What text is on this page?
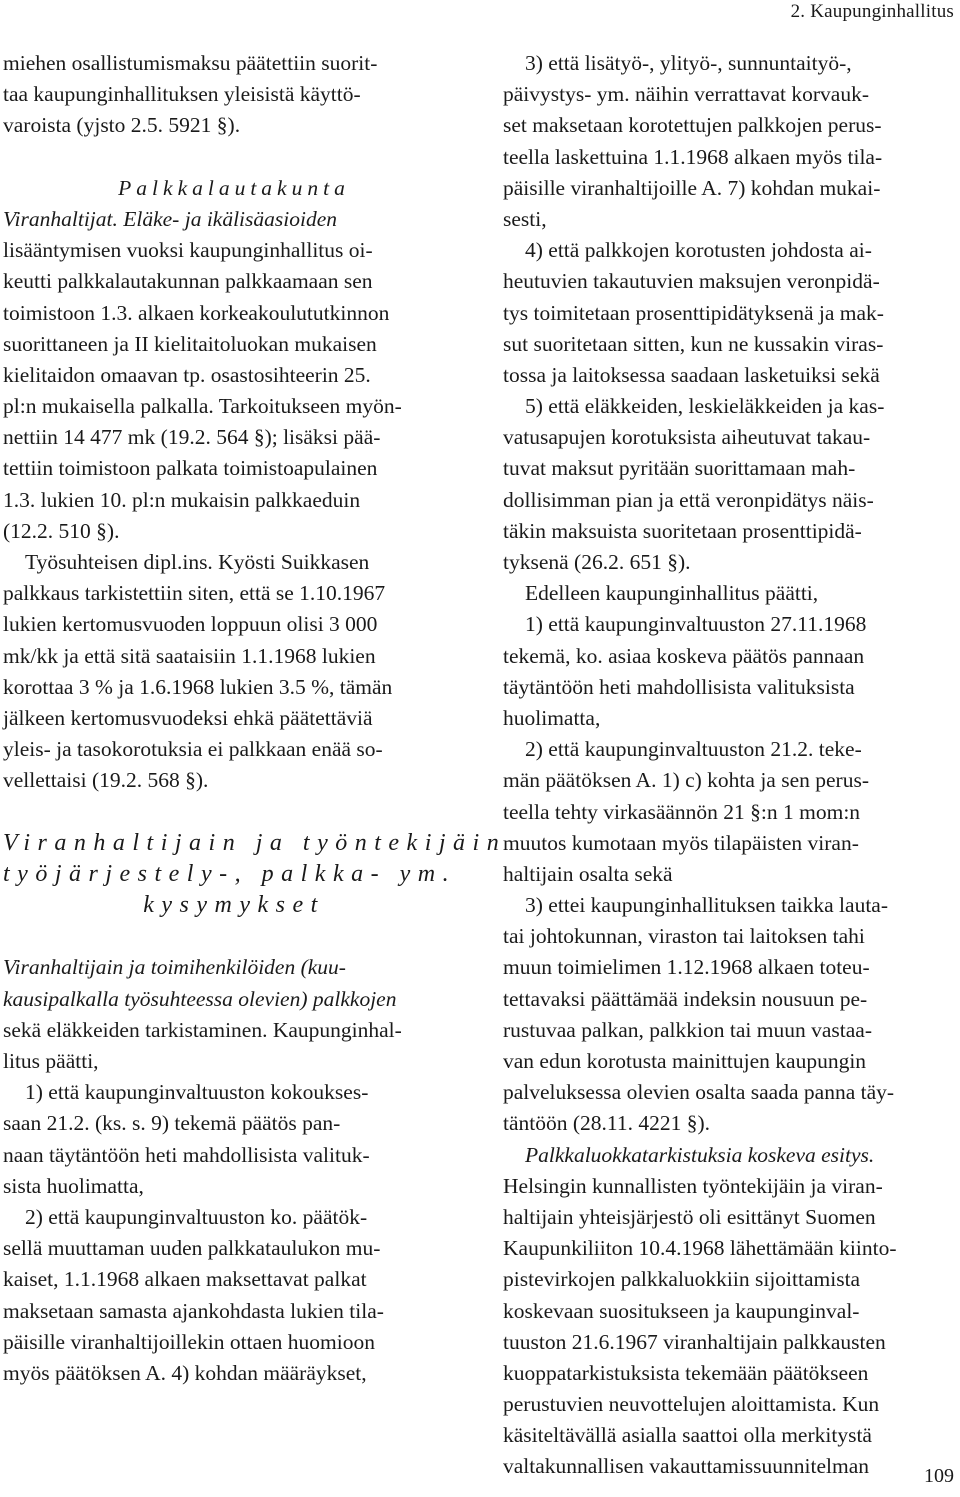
2. Kaupunginhallitus
miehen osallistumismaksu päätettiin suorit-
taa kaupunginhallituksen yleisistä käyttö-
varoista (yjsto 2.5. 5921 §).
Palkkalautakunta
Viranhaltijat. Eläke- ja ikälisäasioiden
lisääntymisen vuoksi kaupunginhallitus oi-
keutti palkkalautakunnan palkkaamaan sen
toimistoon 1.3. alkaen korkeakoulututkinnon
suorittaneen ja II kielitaitoluokan mukaisen
kielitaidon omaavan tp. osastosihteerin 25.
pl:n mukaisella palkalla. Tarkoitukseen myön-
nettiin 14 477 mk (19.2. 564 §); lisäksi pää-
tettiin toimistoon palkata toimistoapulainen
1.3. lukien 10. pl:n mukaisin palkkaeduin
(12.2. 510 §).
Työsuhteisen dipl.ins. Kyösti Suikkasen
palkkaus tarkistettiin siten, että se 1.10.1967
lukien kertomusvuoden loppuun olisi 3 000
mk/kk ja että sitä saataisiin 1.1.1968 lukien
korottaa 3 % ja 1.6.1968 lukien 3.5 %, tämän
jälkeen kertomusvuodeksi ehkä päätettäviä
yleis- ja tasokorotuksia ei palkkaan enää so-
vellettaisi (19.2. 568 §).
Viranhaltijain ja työntekijäin
työjärjestely-, palkka- ym.
kysymykset
Viranhaltijain ja toimihenkilöiden (kuu-
kausipalkalla työsuhteessa olevien) palkkojen
sekä eläkkeiden tarkistaminen. Kaupunginhal-
litus päätti,
1) että kaupunginvaltuuston kokoukses-
saan 21.2. (ks. s. 9) tekemä päätös pan-
naan täytäntöön heti mahdollisista valituk-
sista huolimatta,
2) että kaupunginvaltuuston ko. päätök-
sellä muuttaman uuden palkkataulukon mu-
kaiset, 1.1.1968 alkaen maksettavat palkat
maksetaan samasta ajankohdasta lukien tila-
päisille viranhaltijoillekin ottaen huomioon
myös päätöksen A. 4) kohdan määräykset,
3) että lisätyö-, ylityö-, sunnuntaityö-,
päivystys- ym. näihin verrattavat korvauk-
set maksetaan korotettujen palkkojen perus-
teella laskettuina 1.1.1968 alkaen myös tila-
päisille viranhaltijoille A. 7) kohdan mukai-
sesti,
4) että palkkojen korotusten johdosta ai-
heutuvien takautuvien maksujen veronpidä-
tys toimitetaan prosenttipidätyksenä ja mak-
sut suoritetaan sitten, kun ne kussakin viras-
tossa ja laitoksessa saadaan lasketuiksi sekä
5) että eläkkeiden, leskieläkkeiden ja kas-
vatusapujen korotuksista aiheutuvat takau-
tuvat maksut pyritään suorittamaan mah-
dollisimman pian ja että veronpidätys näis-
täkin maksuista suoritetaan prosenttipidä-
tyksenä (26.2. 651 §).
Edelleen kaupunginhallitus päätti,
1) että kaupunginvaltuuston 27.11.1968
tekemä, ko. asiaa koskeva päätös pannaan
täytäntöön heti mahdollisista valituksista
huolimatta,
2) että kaupunginvaltuuston 21.2. teke-
män päätöksen A. 1) c) kohta ja sen perus-
teella tehty virkasäännön 21 §:n 1 mom:n
muutos kumotaan myös tilapäisten viran-
haltijain osalta sekä
3) ettei kaupunginhallituksen taikka lauta-
tai johtokunnan, viraston tai laitoksen tahi
muun toimielimen 1.12.1968 alkaen toteu-
tettavaksi päättämää indeksin nousuun pe-
rustuvaa palkan, palkkion tai muun vastaa-
van edun korotusta mainittujen kaupungin
palveluksessa olevien osalta saada panna täy-
täntöön (28.11. 4221 §).
Palkkaluokkatarkistuksia koskeva esitys.
Helsingin kunnallisten työntekijäin ja viran-
haltijain yhteisjärjestö oli esittänyt Suomen
Kaupunkiliiton 10.4.1968 lähettämään kiinto-
pistevirkojen palkkaluokkiin sijoittamista
koskevaan suositukseen ja kaupunginval-
tuuston 21.6.1967 viranhaltijain palkkausten
kuoppatarkistuksista tekemään päätökseen
perustuvien neuvottelujen aloittamista. Kun
käsiteltävällä asialla saattoi olla merkitystä
valtakunnallisen vakauttamissuunnitelman	109
